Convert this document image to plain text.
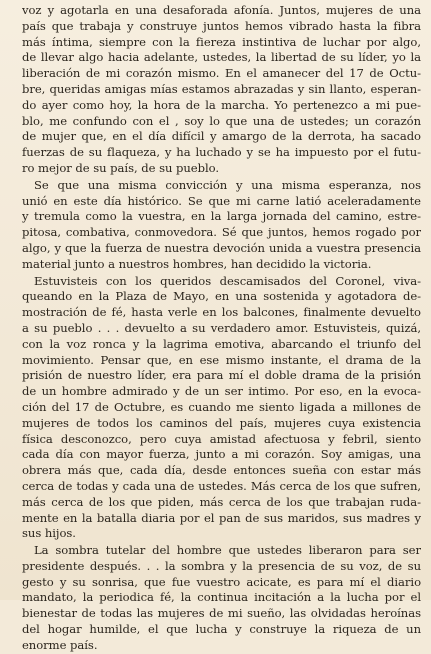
voz y agotarla en una desaforada afonía. Juntos, mujeres de una
país que trabaja y construye juntos hemos vibrado hasta la fibra
más íntima, siempre con la fiereza instintiva de luchar por algo,
de llevar algo hacia adelante, ustedes, la libertad de su líder, yo la
liberación de mi corazón mismo. En el amanecer del 17 de Octu-
bre, queridas amigas mías estamos abrazadas y sin llanto, esperan-
do ayer como hoy, la hora de la marcha. Yo pertenezco a mi pue-
blo, me confundo con el , soy lo que una de ustedes; un corazón
de mujer que, en el día difícil y amargo de la derrota, ha sacado
fuerzas de su flaqueza, y ha luchado y se ha impuesto por el futu-
ro mejor de su país, de su pueblo.
Se que una misma convicción y una misma esperanza, nos
unió en este día histórico. Se que mi carne latió aceleradamente
y tremula como la vuestra, en la larga jornada del camino, estre-
pitosa, combativa, conmovedora. Sé que juntos, hemos rogado por
algo, y que la fuerza de nuestra devoción unida a vuestra presencia
material junto a nuestros hombres, han decidido la victoria.
Estuvisteis con los queridos descamisados del Coronel, viva-
queando en la Plaza de Mayo, en una sostenida y agotadora de-
mostración de fé, hasta verle en los balcones, finalmente devuelto
a su pueblo . . . devuelto a su verdadero amor. Estuvisteis, quizá,
con la voz ronca y la lagrima emotiva, abarcando el triunfo del
movimiento. Pensar que, en ese mismo instante, el drama de la
prisión de nuestro líder, era para mí el doble drama de la prisión
de un hombre admirado y de un ser intimo. Por eso, en la evoca-
ción del 17 de Octubre, es cuando me siento ligada a millones de
mujeres de todos los caminos del país, mujeres cuya existencia
física desconozco, pero cuya amistad afectuosa y febril, siento
cada día con mayor fuerza, junto a mi corazón. Soy amigas, una
obrera más que, cada día, desde entonces sueña con estar más
cerca de todas y cada una de ustedes. Más cerca de los que sufren,
más cerca de los que piden, más cerca de los que trabajan ruda-
mente en la batalla diaria por el pan de sus maridos, sus madres y
sus hijos.
La sombra tutelar del hombre que ustedes liberaron para ser
presidente después. . . la sombra y la presencia de su voz, de su
gesto y su sonrisa, que fue vuestro acicate, es para mí el diario
mandato, la periodica fé, la continua incitación a la lucha por el
bienestar de todas las mujeres de mi sueño, las olvidadas heroínas
del hogar humilde, el que lucha y construye la riqueza de un
enorme país.
